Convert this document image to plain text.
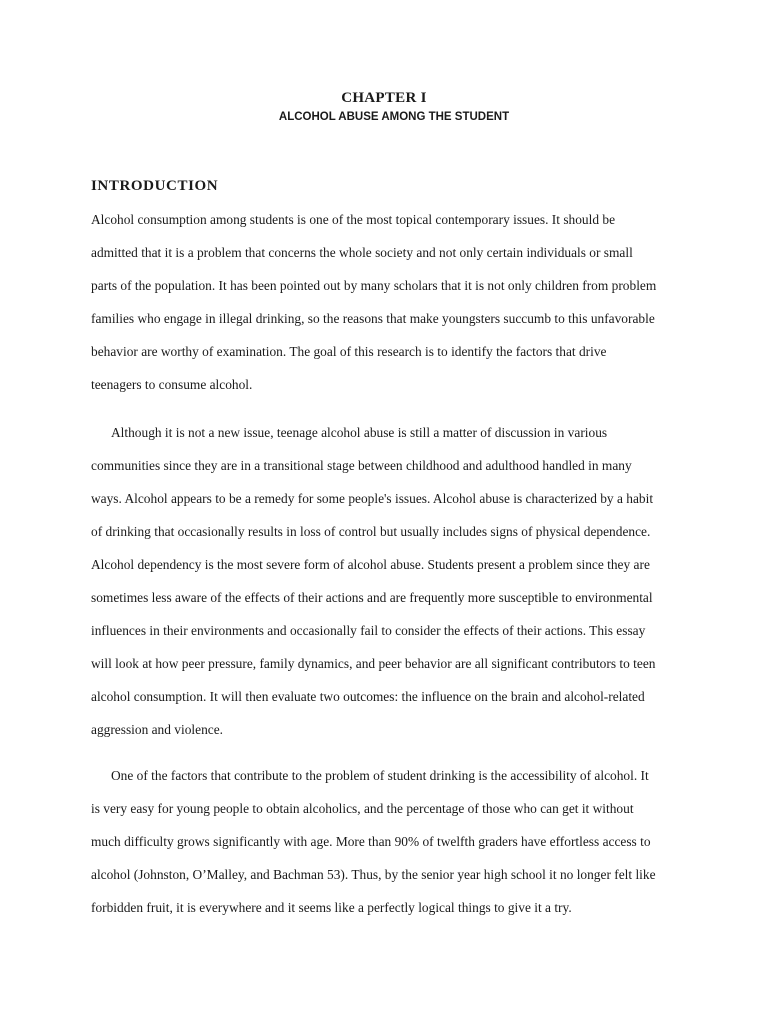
CHAPTER I
ALCOHOL ABUSE AMONG THE STUDENT
INTRODUCTION
Alcohol consumption among students is one of the most topical contemporary issues. It should be
admitted that it is a problem that concerns the whole society and not only certain individuals or small
parts of the population. It has been pointed out by many scholars that it is not only children from problem
families who engage in illegal drinking, so the reasons that make youngsters succumb to this unfavorable
behavior are worthy of examination. The goal of this research is to identify the factors that drive
teenagers to consume alcohol.
Although it is not a new issue, teenage alcohol abuse is still a matter of discussion in various
communities since they are in a transitional stage between childhood and adulthood handled in many
ways. Alcohol appears to be a remedy for some people's issues. Alcohol abuse is characterized by a habit
of drinking that occasionally results in loss of control but usually includes signs of physical dependence.
Alcohol dependency is the most severe form of alcohol abuse. Students present a problem since they are
sometimes less aware of the effects of their actions and are frequently more susceptible to environmental
influences in their environments and occasionally fail to consider the effects of their actions. This essay
will look at how peer pressure, family dynamics, and peer behavior are all significant contributors to teen
alcohol consumption. It will then evaluate two outcomes: the influence on the brain and alcohol-related
aggression and violence.
One of the factors that contribute to the problem of student drinking is the accessibility of alcohol. It
is very easy for young people to obtain alcoholics, and the percentage of those who can get it without
much difficulty grows significantly with age. More than 90% of twelfth graders have effortless access to
alcohol (Johnston, O’Malley, and Bachman 53). Thus, by the senior year high school it no longer felt like
forbidden fruit, it is everywhere and it seems like a perfectly logical things to give it a try.
